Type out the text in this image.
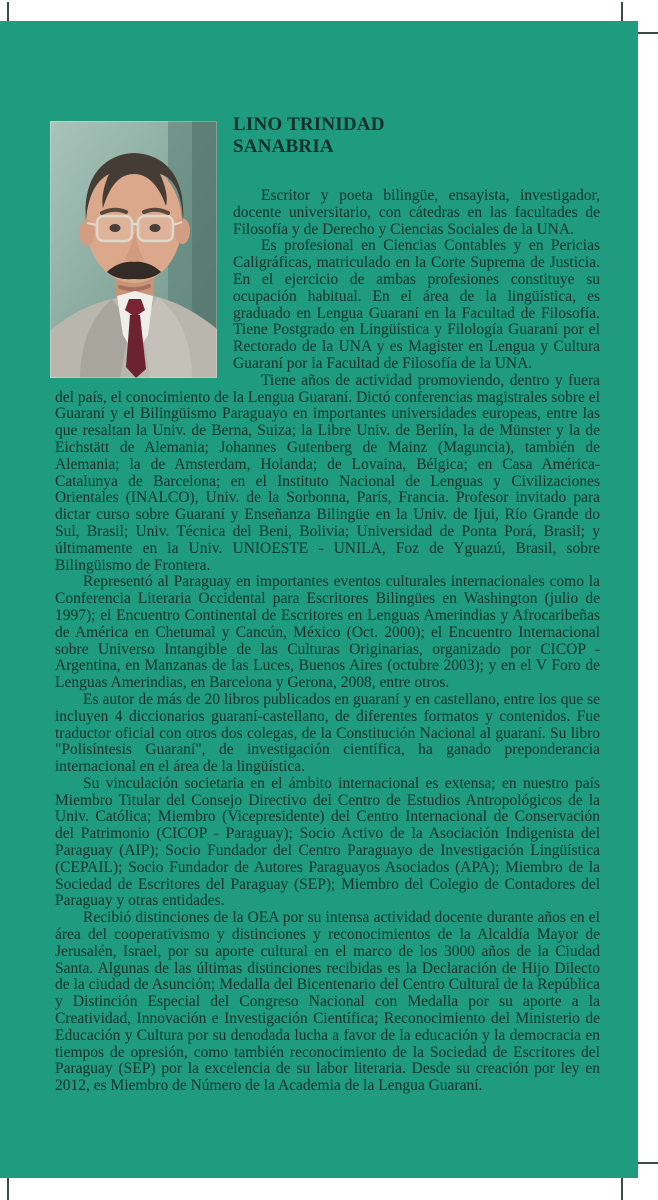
LINO TRINIDAD
SANABRIA

Escritor y poeta bilingüe, ensayista, investigador, docente universitario, con cátedras en las facultades de Filosofía y de Derecho y Ciencias Sociales de la UNA.

Es profesional en Ciencias Contables y en Pericias Caligráficas, matriculado en la Corte Suprema de Justicia. En el ejercicio de ambas profesiones constituye su ocupación habitual. En el área de la lingüística, es graduado en Lengua Guaraní en la Facultad de Filosofía. Tiene Postgrado en Lingüística y Filología Guaraní por el Rectorado de la UNA y es Magister en Lengua y Cultura Guaraní por la Facultad de Filosofía de la UNA.

Tiene años de actividad promoviendo, dentro y fuera del país, el conocimiento de la Lengua Guaraní. Dictó conferencias magistrales sobre el Guaraní y el Bilingüismo Paraguayo en importantes universidades europeas, entre las que resaltan la Univ. de Berna, Suiza; la Libre Univ. de Berlín, la de Münster y la de Eichstätt de Alemania; Johannes Gutenberg de Mainz (Maguncia), también de Alemania; la de Amsterdam, Holanda; de Lovaina, Bélgica; en Casa América-Catalunya de Barcelona; en el Instituto Nacional de Lenguas y Civilizaciones Orientales (INALCO), Univ. de la Sorbonna, París, Francia. Profesor invitado para dictar curso sobre Guaraní y Enseñanza Bilingüe en la Univ. de Ijui, Río Grande do Sul, Brasil; Univ. Técnica del Beni, Bolivia; Universidad de Ponta Porá, Brasil; y últimamente en la Univ. UNIOESTE - UNILA, Foz de Yguazú, Brasil, sobre Bilingüismo de Frontera.

Representó al Paraguay en importantes eventos culturales internacionales como la Conferencia Literaria Occidental para Escritores Bilingües en Washington (julio de 1997); el Encuentro Continental de Escritores en Lenguas Amerindias y Afrocaribeñas de América en Chetumal y Cancún, México (Oct. 2000); el Encuentro Internacional sobre Universo Intangible de las Culturas Originarias, organizado por CICOP - Argentina, en Manzanas de las Luces, Buenos Aires (octubre 2003); y en el V Foro de Lenguas Amerindias, en Barcelona y Gerona, 2008, entre otros.

Es autor de más de 20 libros publicados en guaraní y en castellano, entre los que se incluyen 4 diccionarios guaraní-castellano, de diferentes formatos y contenidos. Fue traductor oficial con otros dos colegas, de la Constitución Nacional al guaraní. Su libro "Polisíntesis Guaraní", de investigación científica, ha ganado preponderancia internacional en el área de la lingüística.

Su vinculación societaria en el ámbito internacional es extensa; en nuestro país Miembro Titular del Consejo Directivo del Centro de Estudios Antropológicos de la Univ. Católica; Miembro (Vicepresidente) del Centro Internacional de Conservación del Patrimonio (CICOP - Paraguay); Socio Activo de la Asociación Indigenista del Paraguay (AIP); Socio Fundador del Centro Paraguayo de Investigación Lingüística (CEPAIL); Socio Fundador de Autores Paraguayos Asociados (APA); Miembro de la Sociedad de Escritores del Paraguay (SEP); Miembro del Colegio de Contadores del Paraguay y otras entidades.

Recibió distinciones de la OEA por su intensa actividad docente durante años en el área del cooperativismo y distinciones y reconocimientos de la Alcaldía Mayor de Jerusalén, Israel, por su aporte cultural en el marco de los 3000 años de la Ciudad Santa. Algunas de las últimas distinciones recibidas es la Declaración de Hijo Dilecto de la ciudad de Asunción; Medalla del Bicentenario del Centro Cultural de la República y Distinción Especial del Congreso Nacional con Medalla por su aporte a la Creatividad, Innovación e Investigación Científica; Reconocimiento del Ministerio de Educación y Cultura por su denodada lucha a favor de la educación y la democracia en tiempos de opresión, como también reconocimiento de la Sociedad de Escritores del Paraguay (SEP) por la excelencia de su labor literaria. Desde su creación por ley en 2012, es Miembro de Número de la Academia de la Lengua Guaraní.
